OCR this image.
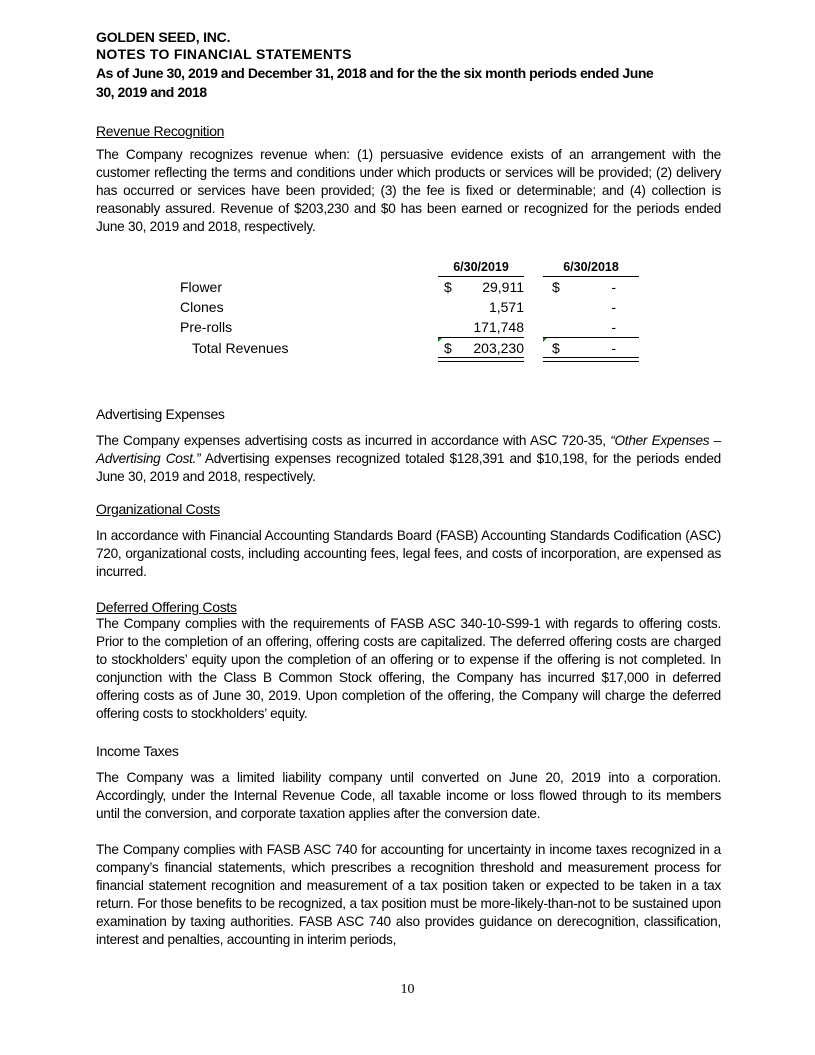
GOLDEN SEED, INC.
NOTES TO FINANCIAL STATEMENTS
As of June 30, 2019 and December 31, 2018 and for the the six month periods ended June
30, 2019 and 2018
Revenue Recognition
The Company recognizes revenue when: (1) persuasive evidence exists of an arrangement with the customer reflecting the terms and conditions under which products or services will be provided; (2) delivery has occurred or services have been provided; (3) the fee is fixed or determinable; and (4) collection is reasonably assured. Revenue of $203,230 and $0 has been earned or recognized for the periods ended June 30, 2019 and 2018, respectively.
6/30/2019	6/30/2018
Flower	$	29,911 $	-
Clones	1,571	-
Pre-rolls	171,748	-
Total Revenues	$	203,230 $	-
Advertising Expenses
The Company expenses advertising costs as incurred in accordance with ASC 720-35, “Other Expenses – Advertising Cost.” Advertising expenses recognized totaled $128,391 and $10,198, for the periods ended June 30, 2019 and 2018, respectively.
Organizational Costs
In accordance with Financial Accounting Standards Board (FASB) Accounting Standards Codification (ASC) 720, organizational costs, including accounting fees, legal fees, and costs of incorporation, are expensed as incurred.
Deferred Offering Costs
The Company complies with the requirements of FASB ASC 340-10-S99-1 with regards to offering costs. Prior to the completion of an offering, offering costs are capitalized. The deferred offering costs are charged to stockholders’ equity upon the completion of an offering or to expense if the offering is not completed. In conjunction with the Class B Common Stock offering, the Company has incurred $17,000 in deferred offering costs as of June 30, 2019. Upon completion of the offering, the Company will charge the deferred offering costs to stockholders’ equity.
Income Taxes
The Company was a limited liability company until converted on June 20, 2019 into a corporation. Accordingly, under the Internal Revenue Code, all taxable income or loss flowed through to its members until the conversion, and corporate taxation applies after the conversion date.
The Company complies with FASB ASC 740 for accounting for uncertainty in income taxes recognized in a company’s financial statements, which prescribes a recognition threshold and measurement process for financial statement recognition and measurement of a tax position taken or expected to be taken in a tax return. For those benefits to be recognized, a tax position must be more-likely-than-not to be sustained upon examination by taxing authorities. FASB ASC 740 also provides guidance on derecognition, classification, interest and penalties, accounting in interim periods,
10
